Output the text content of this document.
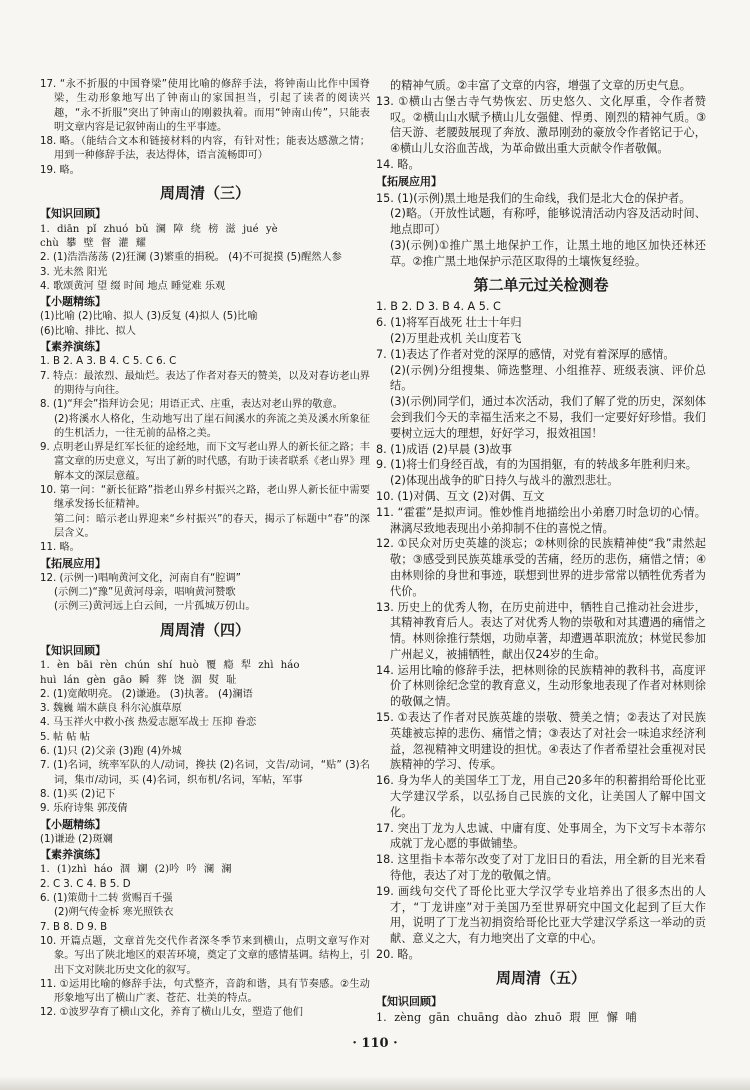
17. “永不折服的中国脊梁”使用比喻的修辞手法，将钟南山比作中国脊梁，生动形象地写出了钟南山的家国担当，引起了读者的阅读兴趣，“永不折服”突出了钟南山的刚毅执着。而用“钟南山传”，只能表明文章内容是记叙钟南山的生平事迹。
18. 略。（能结合文本和链接材料的内容，有针对性；能表达感激之情；用到一种修辞手法，表达得体，语言流畅即可）
19. 略。
周周清（三）
【知识回顾】
1. diān pǐ zhuó bǔ 澜 障 绕 榜 滋 jué yè
chù 攀 壁 督 灌 耀
2. (1)浩浩荡荡 (2)狂澜 (3)繁重的捐税。 (4)不可捉摸 (5)醒然人参
3. 光未然 阳光
4. 歌颂黄河 望 缀 时间 地点 睡觉难 乐观
【小题精练】
(1)比喻 (2)比喻、拟人 (3)反复 (4)拟人 (5)比喻
(6)比喻、排比、拟人
【素养演练】
1. B 2. A 3. B 4. C 5. C 6. C
7. 特点：最浓烈、最灿烂。表达了作者对春天的赞美，以及对春访老山界的期待与向往。
8. (1)“拜会”指拜访会见；用语正式、庄重，表达对老山界的敬意。
(2)将溪水人格化，生动地写出了崖石间溪水的奔流之美及溪水所象征的生机活力，一往无前的品格之美。
9. 点明老山界是红军长征的途经地，而下文写老山界人的新长征之路；丰富文章的历史意义，写出了新的时代感，有助于读者联系《老山界》理解本文的深层意蕴。
10. 第一问：“新长征路”指老山界乡村振兴之路，老山界人新长征中需要继承发扬长征精神。
第二问：暗示老山界迎来“乡村振兴”的春天，揭示了标题中“春”的深层含义。
11. 略。
【拓展应用】
12. (示例一)唱响黄河文化，河南自有“腔调”
(示例二)“豫”见黄河母亲，唱响黄河赞歌
(示例三)黄河远上白云间，一片孤城万仞山。
周周清（四）
【知识回顾】
1. èn bāi rèn chún shí huò 覆 瘾 犁 zhì háo
huì lán gèn gāo 瞬 葬 饶 涸 熨 耻
2. (1)宽敞明亮。 (2)谦逊。 (3)执著。 (4)澜语
3. 魏巍 端木蕻良 科尔沁旗草原
4. 马玉祥火中救小孩 热爱志愿军战士 压抑 眷恋
5. 帖 帖 帖
6. (1)只 (2)父亲 (3)跑 (4)外城
7. (1)名词，统率军队的人/动词，搀扶 (2)名词，文告/动词，“贴” (3)名词，集市/动词，买 (4)名词，织布机/名词，军帖，军事
8. (1)买 (2)记下
9. 乐府诗集 郭茂倩
【小题精练】
(1)谦逊 (2)斑斓
【素养演练】
1. (1)zhì háo 涸 斓 (2)吟 吟 澜 澜
2. C 3. C 4. B 5. D
6. (1)策勋十二转 赏赐百千强
(2)朔气传金柝 寒光照铁衣
7. B 8. D 9. B
10. 开篇点题，文章首先交代作者深冬季节来到横山，点明文章写作对象。写出了陕北地区的艰苦环境，奠定了文章的感情基调。结构上，引出下文对陕北历史文化的叙写。
11. ①运用比喻的修辞手法，句式整齐，音韵和谐，具有节奏感。②生动形象地写出了横山广袤、苍茫、壮美的特点。
12. ①波罗孕育了横山文化，养育了横山儿女，塑造了他们
的精神气质。②丰富了文章的内容，增强了文章的历史气息。
13. ①横山古堡古寺气势恢宏、历史悠久、文化厚重，令作者赞叹。②横山山水赋予横山儿女强健、悍勇、刚烈的精神气质。③信天游、老腰鼓展现了奔放、激昂刚劲的豪放令作者铭记于心，④横山儿女浴血苦战，为革命做出重大贡献令作者敬佩。
14. 略。
【拓展应用】
15. (1)(示例)黑土地是我们的生命线，我们是北大仓的保护者。
(2)略。（开放性试题，有称呼，能够说清活动内容及活动时间、地点即可）
(3)(示例)①推广黑土地保护工作，让黑土地的地区加快还林还草。②推广黑土地保护示范区取得的土壤恢复经验。
第二单元过关检测卷
1. B 2. D 3. B 4. A 5. C
6. (1)将军百战死 壮士十年归
(2)万里赴戎机 关山度若飞
7. (1)表达了作者对党的深厚的感情，对党有着深厚的感情。
(2)(示例)分组搜集、筛选整理、小组推荐、班级表演、评价总结。
(3)(示例)同学们，通过本次活动，我们了解了党的历史，深刻体会到我们今天的幸福生活来之不易，我们一定要好好珍惜。我们要树立远大的理想，好好学习，报效祖国！
8. (1)成语 (2)早晨 (3)故事
9. (1)将士们身经百战，有的为国捐躯，有的转战多年胜利归来。
(2)体现出战争的旷日持久与战斗的激烈悲壮。
10. (1)对偶、互文 (2)对偶、互文
11. “霍霍”是拟声词。惟妙惟肖地描绘出小弟磨刀时急切的心情。淋漓尽致地表现出小弟抑制不住的喜悦之情。
12. ①民众对历史英雄的淡忘；②林则徐的民族精神使“我”肃然起敬；③感受到民族英雄承受的苦痛，经历的悲伤，痛惜之情；④由林则徐的身世和事迹，联想到世界的进步常常以牺牲优秀者为代价。
13. 历史上的优秀人物，在历史前进中，牺牲自己推动社会进步，其精神教育后人。表达了对优秀人物的崇敬和对其遭遇的痛惜之情。林则徐推行禁烟，功勋卓著，却遭遇革职流放；林觉民参加广州起义，被捕牺牲，献出仅24岁的生命。
14. 运用比喻的修辞手法，把林则徐的民族精神的教科书，高度评价了林则徐纪念堂的教育意义，生动形象地表现了作者对林则徐的敬佩之情。
15. ①表达了作者对民族英雄的崇敬、赞美之情；②表达了对民族英雄被忘掉的悲伤、痛惜之情；③表达了对社会一味追求经济利益，忽视精神文明建设的担忧。④表达了作者希望社会重视对民族精神的学习、传承。
16. 身为华人的美国华工丁龙，用自己20多年的积蓄捐给哥伦比亚大学建汉学系，以弘扬自己民族的文化，让美国人了解中国文化。
17. 突出丁龙为人忠诚、中庸有度、处事周全，为下文写卡本蒂尔成就丁龙心愿的事做铺垫。
18. 这里指卡本蒂尔改变了对丁龙旧日的看法，用全新的目光来看待他，表达了对丁龙的敬佩之情。
19. 画线句交代了哥伦比亚大学汉学专业培养出了很多杰出的人才，“丁龙讲座”对于美国乃至世界研究中国文化起到了巨大作用，说明了丁龙当初捐资给哥伦比亚大学建汉学系这一举动的贡献、意义之大，有力地突出了文章的中心。
20. 略。
周周清（五）
【知识回顾】
1. zèng gān chuāng dào zhuō 瑕 匣 懈 哺
· 110 ·
